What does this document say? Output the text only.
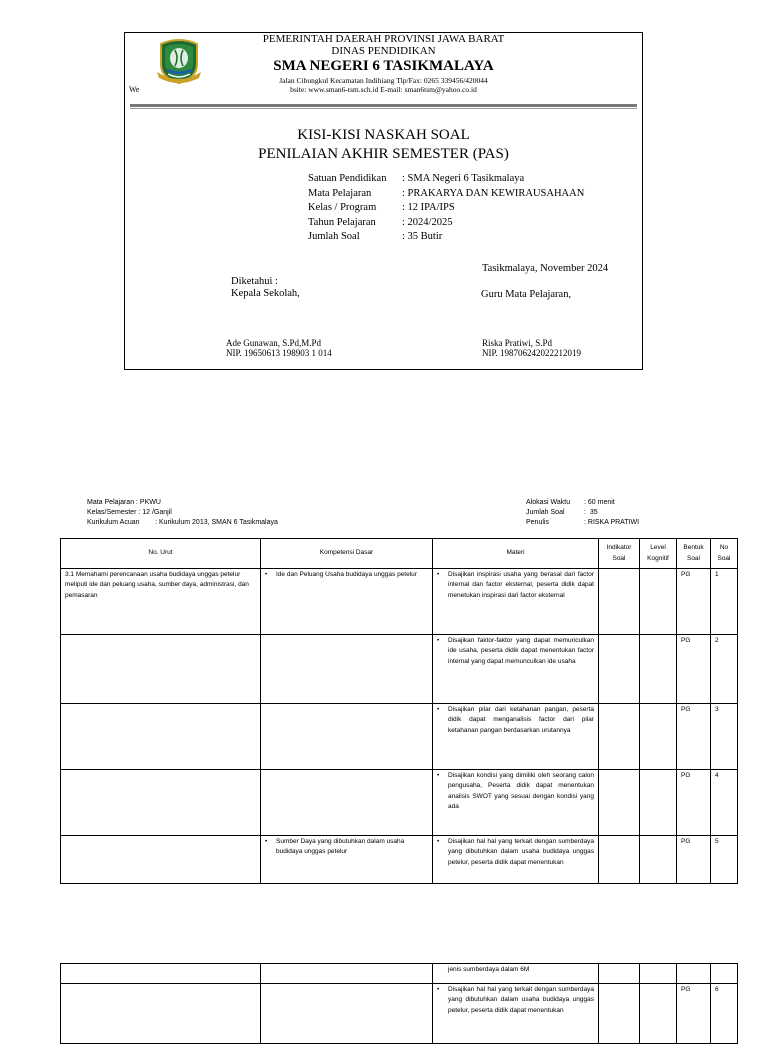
We
PEMERINTAH DAERAH PROVINSI JAWA BARAT
DINAS PENDIDIKAN
SMA NEGERI 6 TASIKMALAYA
Jalan Cibungkul Kecamatan Indihiang Tlp/Fax: 0265 339456/420044
bsite: www.sman6-tsm.sch.id E-mail: sman6tsm@yahoo.co.id
KISI-KISI NASKAH SOAL
PENILAIAN AKHIR SEMESTER (PAS)
Satuan Pendidikan	: SMA Negeri 6 Tasikmalaya
Mata Pelajaran	: PRAKARYA DAN KEWIRAUSAHAAN
Kelas / Program	: 12 IPA/IPS
Tahun Pelajaran	: 2024/2025
Jumlah Soal	: 35 Butir
Tasikmalaya, November 2024
Diketahui :
Kepala Sekolah,	Guru Mata Pelajaran,
Ade Gunawan, S.Pd,M.Pd
NIP. 19650613 198903 1 014
Riska Pratiwi, S.Pd
NIP. 198706242022212019
Mata Pelajaran : PKWU
Kelas/Semester : 12 /Ganjil
Kurikulum Acuan        : Kurikulum 2013, SMAN 6 Tasikmalaya
Alokasi Waktu	: 60 menit
Jumlah Soal	:  35
Penulis	: RISKA PRATIWI
No. Urut	Kompetensi Dasar	Materi	Indikator Soal	Level Kognitif	Bentuk Soal	No Soal
3.1 Memahami perencanaan usaha budidaya unggas petelur meliputi ide dan peluang usaha, sumber daya, administrasi, dan pemasaran	• Ide dan Peluang Usaha budidaya unggas petelur	• Disajikan inspirasi usaha yang berasal dari factor internal dan factor eksternal, peserta didik dapat menetukan inspirasi dari factor eksternal			PG	1

		• Disajikan faktor-faktor yang dapat memunculkan ide usaha, peserta didik dapat menentukan factor internal yang dapat memunculkan ide usaha			PG	2

		• Disajikan pilar dari ketahanan pangan, peserta didik dapat menganalisis factor dari pilar ketahanan pangan berdasarkan urutannya			PG	3

		• Disajikan kondisi yang dimiliki oleh seorang calon pengusaha, Peserta didik dapat menentukan analisis SWOT yang sesuai dengan kondisi yang ada			PG	4

	• Sumber Daya yang dibutuhkan dalam usaha budidaya unggas petelur	• Disajikan hal hal yang terkait dengan sumberdaya yang dibutuhkan dalam usaha budidaya unggas petelur, peserta didik dapat menentukan			PG	5

		jenis sumberdaya dalam 6M				

		• Disajikan hal hal yang terkait dengan sumberdaya yang dibutuhkan dalam usaha budidaya unggas petelur, peserta didik dapat menentukan			PG	6
